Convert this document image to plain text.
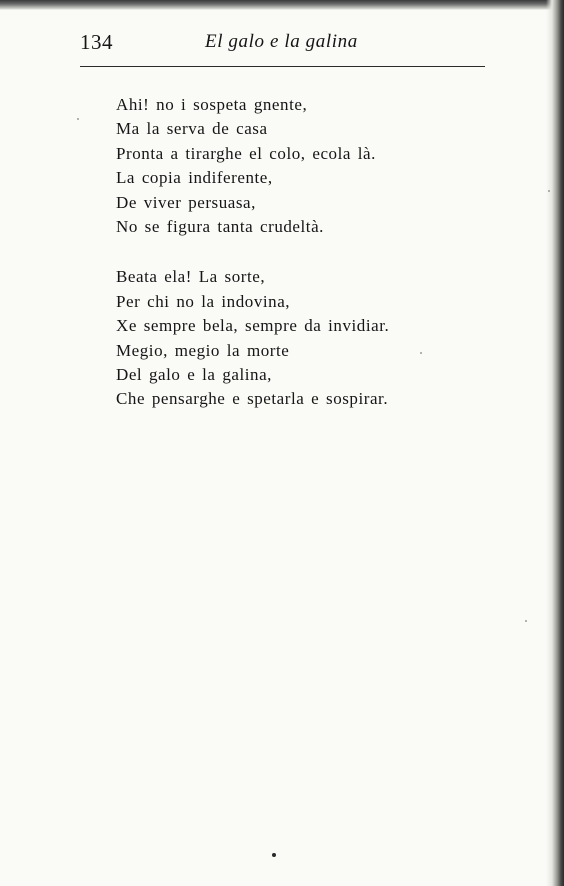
134	El galo e la galina
Ahi! no i sospeta gnente,
Ma la serva de casa
Pronta a tirarghe el colo, ecola là.
La copia indiferente,
De viver persuasa,
No se figura tanta crudeltà.
Beata ela! La sorte,
Per chi no la indovina,
Xe sempre bela, sempre da invidiar.
Megio, megio la morte
Del galo e la galina,
Che pensarghe e spetarla e sospirar.
